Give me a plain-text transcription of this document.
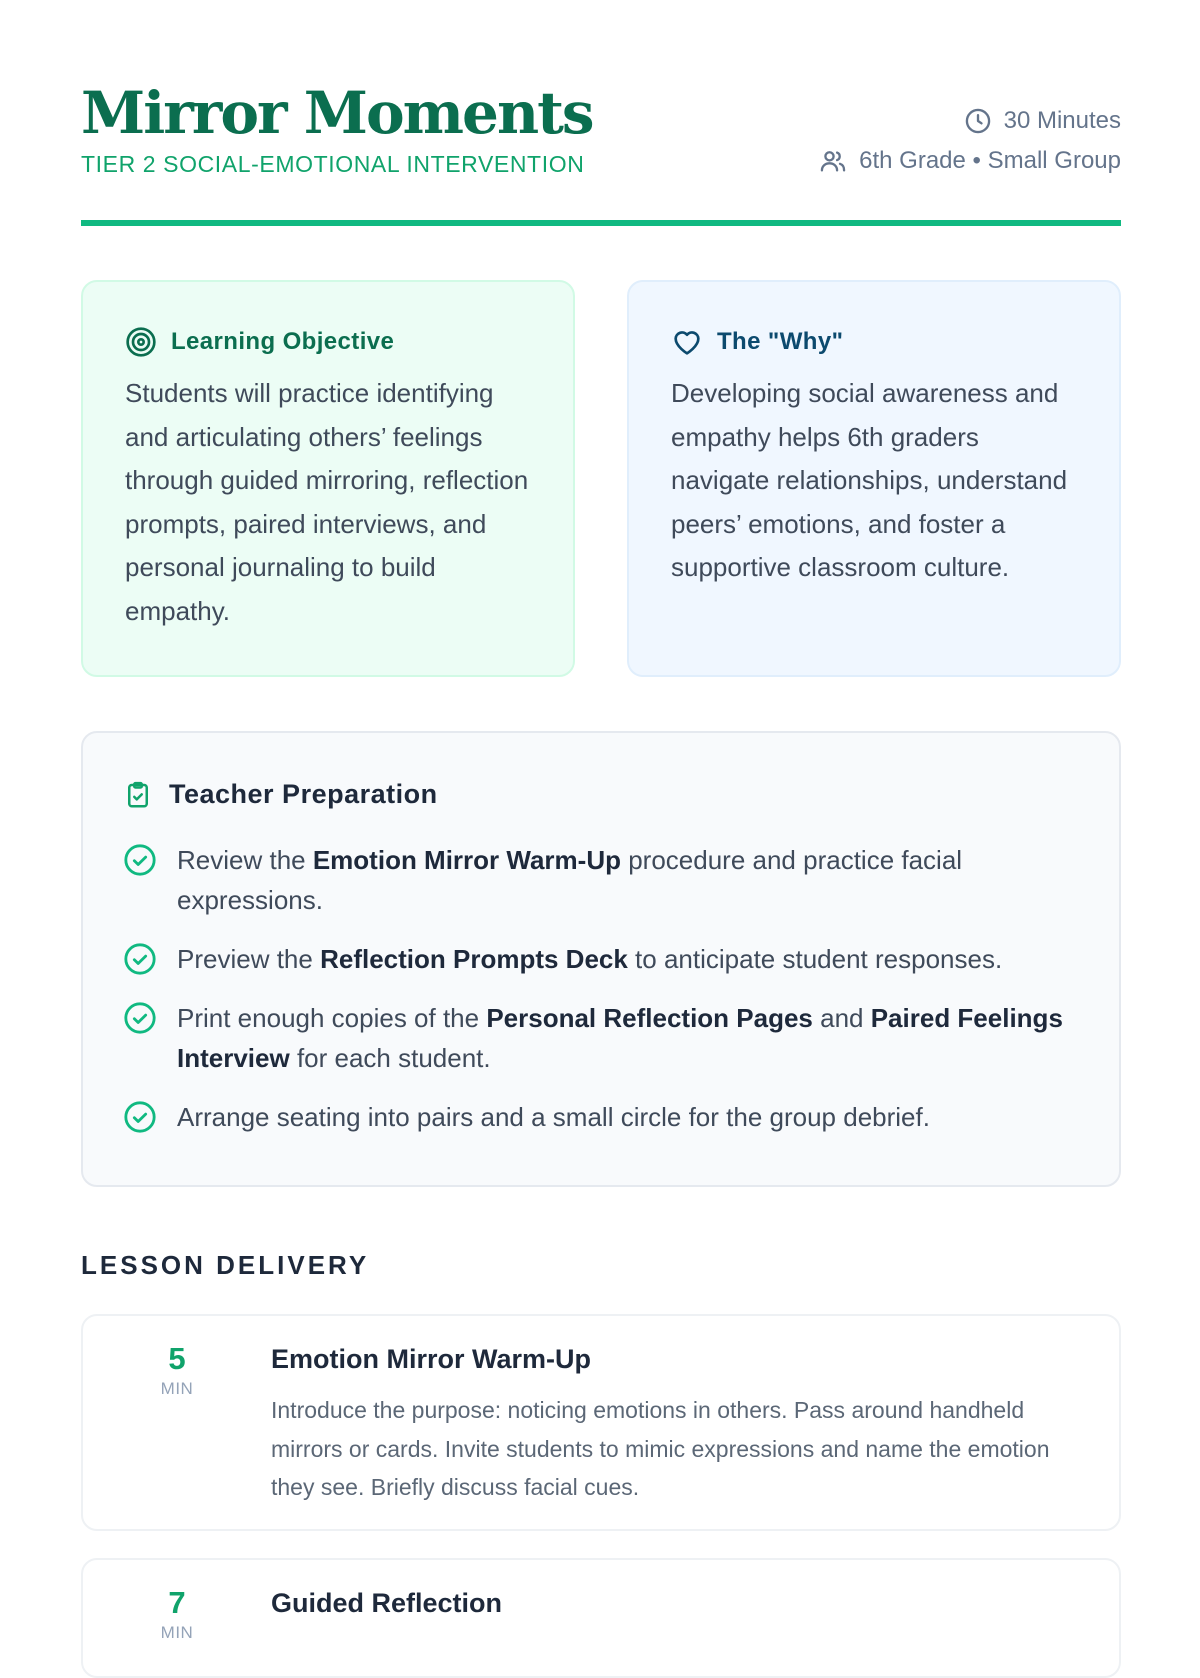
Mirror Moments
TIER 2 SOCIAL-EMOTIONAL INTERVENTION
30 Minutes
6th Grade • Small Group
Learning Objective

Students will practice identifying and articulating others’ feelings through guided mirroring, reflection prompts, paired interviews, and personal journaling to build empathy.

The "Why"

Developing social awareness and empathy helps 6th graders navigate relationships, understand peers’ emotions, and foster a supportive classroom culture.

Teacher Preparation
Review the Emotion Mirror Warm-Up procedure and practice facial expressions.
Preview the Reflection Prompts Deck to anticipate student responses.
Print enough copies of the Personal Reflection Pages and Paired Feelings Interview for each student.
Arrange seating into pairs and a small circle for the group debrief.
LESSON DELIVERY
5
MIN
Emotion Mirror Warm-Up

Introduce the purpose: noticing emotions in others. Pass around handheld mirrors or cards. Invite students to mimic expressions and name the emotion they see. Briefly discuss facial cues.

7
MIN
Guided Reflection
